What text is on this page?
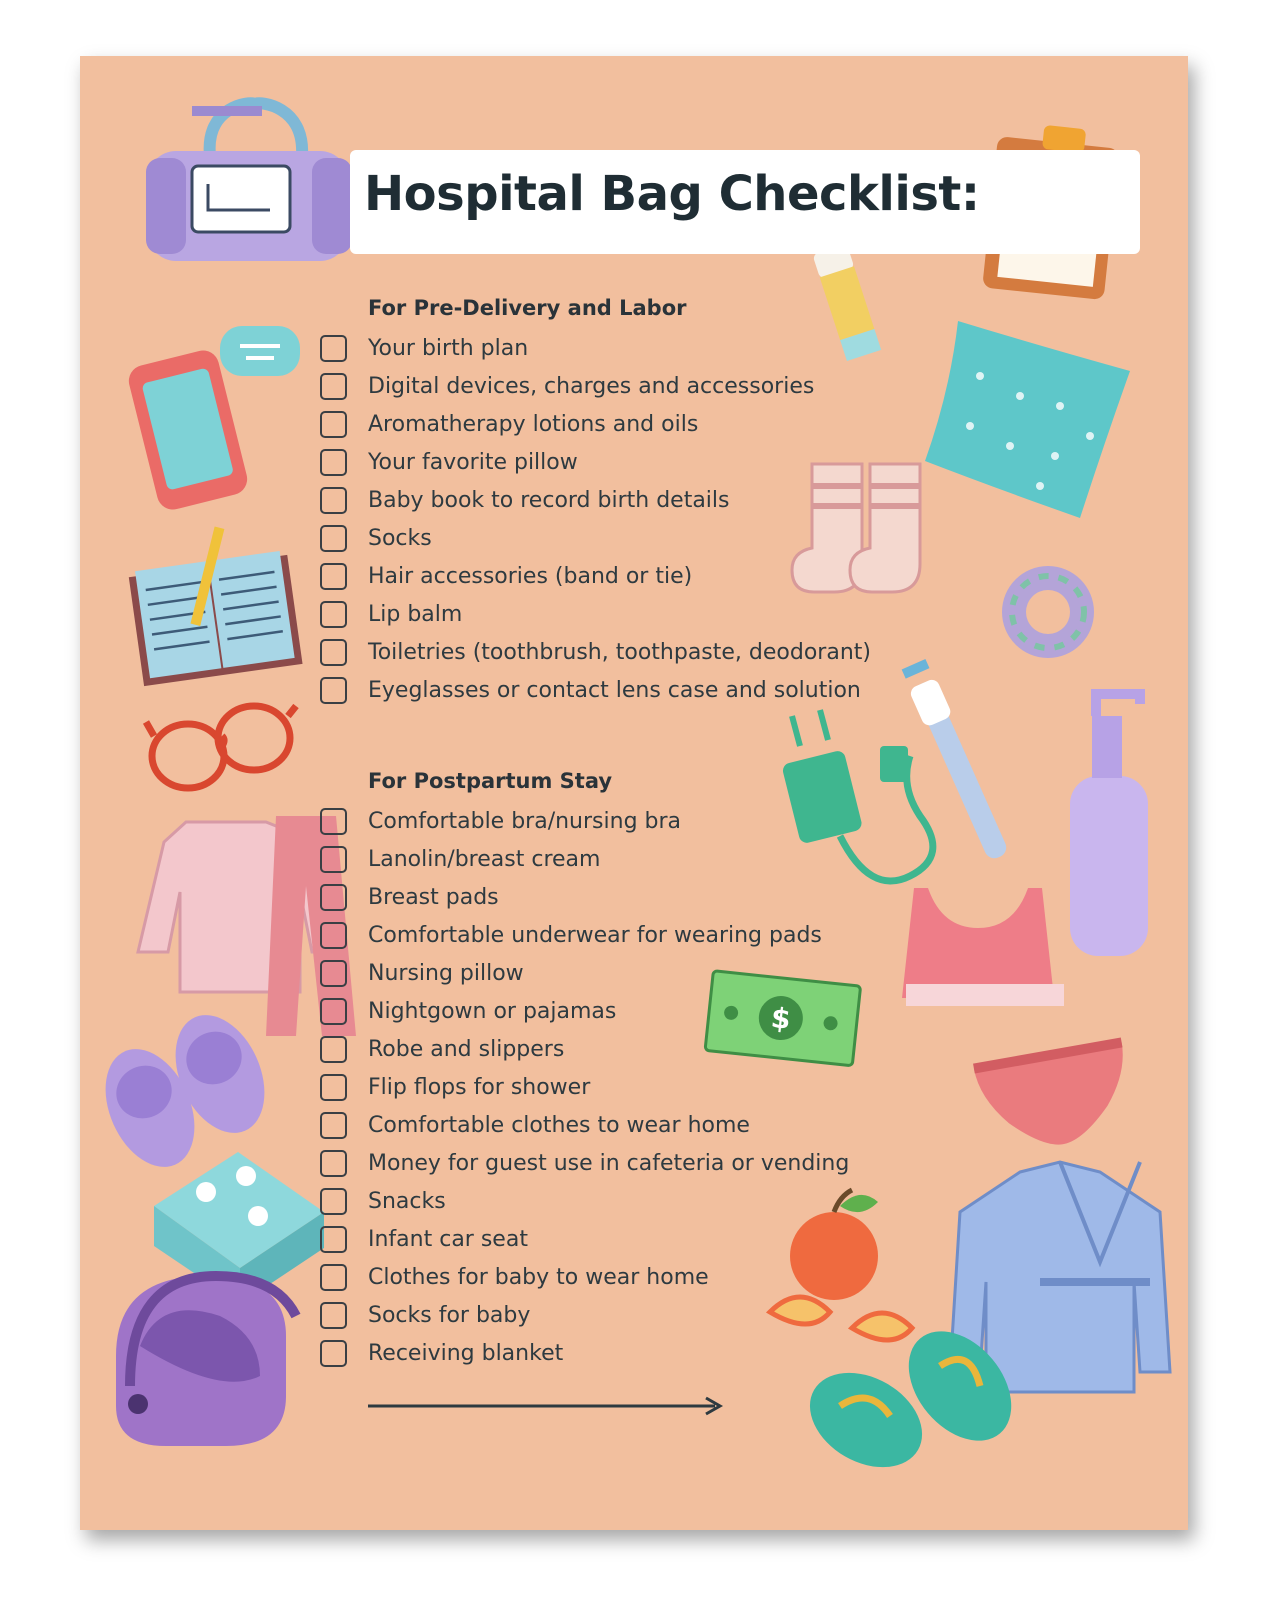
$
Hospital Bag Checklist:
For Pre-Delivery and Labor
Your birth plan
Digital devices, charges and accessories
Aromatherapy lotions and oils
Your favorite pillow
Baby book to record birth details
Socks
Hair accessories (band or tie)
Lip balm
Toiletries (toothbrush, toothpaste, deodorant)
Eyeglasses or contact lens case and solution
For Postpartum Stay
Comfortable bra/nursing bra
Lanolin/breast cream
Breast pads
Comfortable underwear for wearing pads
Nursing pillow
Nightgown or pajamas
Robe and slippers
Flip flops for shower
Comfortable clothes to wear home
Money for guest use in cafeteria or vending
Snacks
Infant car seat
Clothes for baby to wear home
Socks for baby
Receiving blanket
